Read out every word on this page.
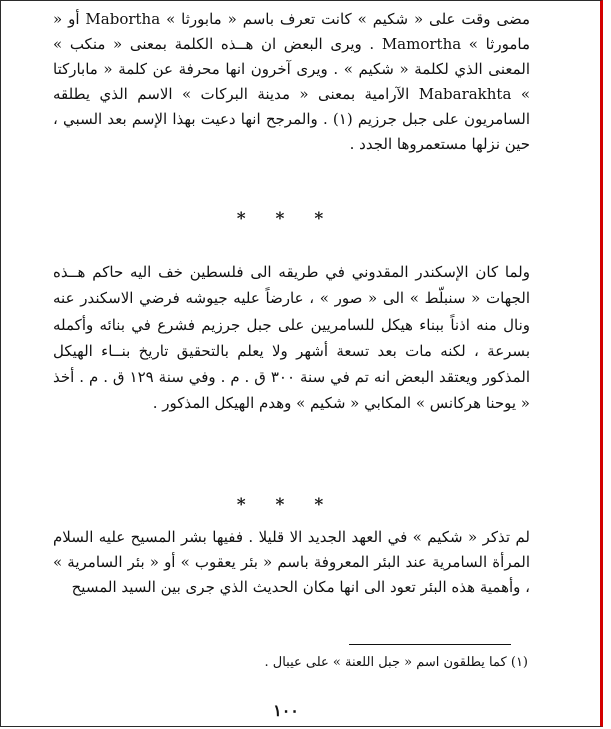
مضى وقت على « شكيم » كانت تعرف باسم « مابورثا » Mabortha أو « مامورثا » Mamortha . ويرى البعض ان هــذه الكلمة بمعنى « منكب » المعنى الذي لكلمة « شكيم » . ويرى آخرون انها محرفة عن كلمة « ماباركتا » Mabarakhta الآرامية بمعنى « مدينة البركات » الاسم الذي يطلقه السامريون على جبل جرزيم (١) . والمرجح انها دعيت بهذا الإسم بعد السبي ، حين نزلها مستعمروها الجدد .
* * *
ولما كان الإسكندر المقدوني في طريقه الى فلسطين خف اليه حاكم هــذه الجهات « سنبلّط » الى « صور » ، عارضاً عليه جيوشه فرضي الاسكندر عنه ونال منه اذناً ببناء هيكل للسامريين على جبل جرزيم فشرع في بنائه وأكمله بسرعة ، لكنه مات بعد تسعة أشهر ولا يعلم بالتحقيق تاريخ بنــاء الهيكل المذكور ويعتقد البعض انه تم في سنة ٣٠٠ ق . م . وفي سنة ١٢٩ ق . م . أخذ « يوحنا هركانس » المكابي « شكيم » وهدم الهيكل المذكور .
* * *
لم تذكر « شكيم » في العهد الجديد الا قليلا . ففيها بشر المسيح عليه السلام المرأة السامرية عند البئر المعروفة باسم « بئر يعقوب » أو « بئر السامرية » ، وأهمية هذه البئر تعود الى انها مكان الحديث الذي جرى بين السيد المسيح
(١) كما يطلقون اسم « جبل اللعنة » على عيبال .
١٠٠
